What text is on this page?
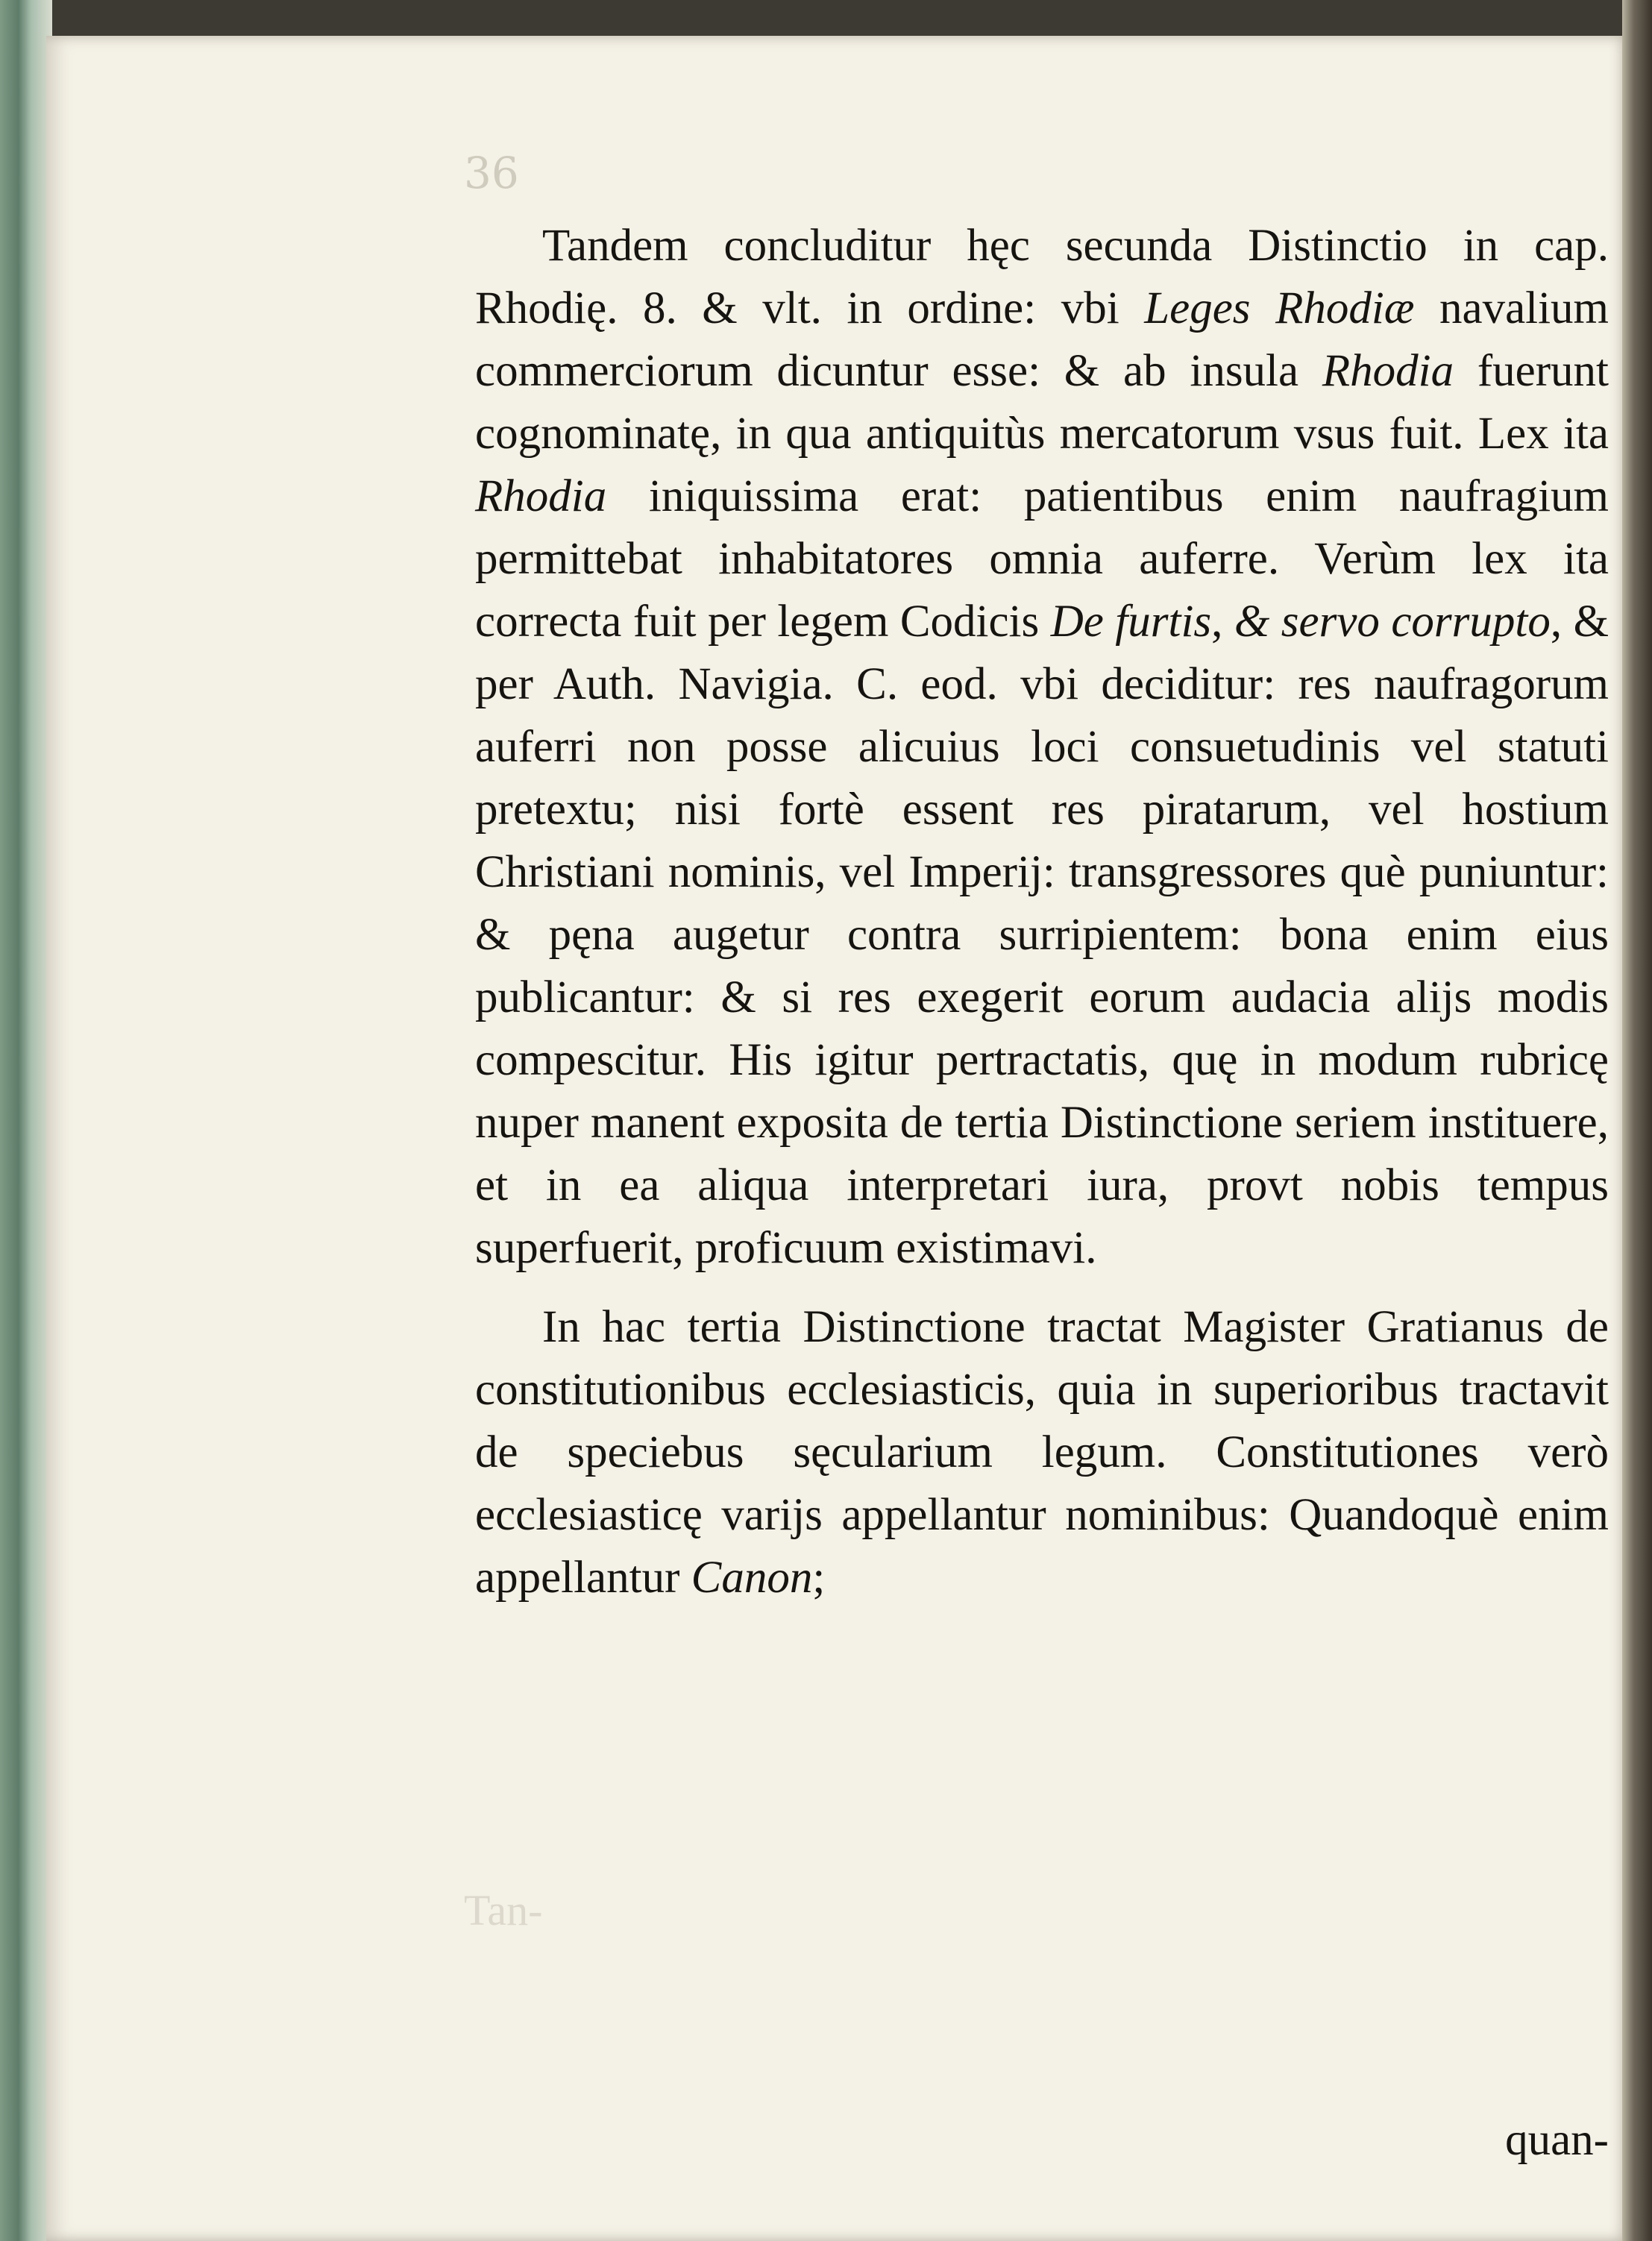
36

Tandem concluditur hęc secunda Distinctio in cap. Rhodię. 8. & vlt. in ordine: vbi Leges Rhodiæ navalium commerciorum dicuntur esse: & ab insula Rhodia fuerunt cognominatę, in qua antiquitùs mercatorum vsus fuit. Lex ita Rhodia iniquissima erat: patientibus enim naufragium permittebat inhabitatores omnia auferre. Verùm lex ita correcta fuit per legem Codicis De furtis, & servo corrupto, & per Auth. Navigia. C. eod. vbi deciditur: res naufragorum auferri non posse alicuius loci consuetudinis vel statuti pretextu; nisi fortè essent res piratarum, vel hostium Christiani nominis, vel Imperij: transgressores què puniuntur: & pęna augetur contra surripientem: bona enim eius publicantur: & si res exegerit eorum audacia alijs modis compescitur. His igitur pertractatis, quę in modum rubricę nuper manent exposita de tertia Distinctione seriem instituere, et in ea aliqua interpretari iura, provt nobis tempus superfuerit, proficuum existimavi.

In hac tertia Distinctione tractat Magister Gratianus de constitutionibus ecclesiasticis, quia in superioribus tractavit de speciebus sęcularium legum. Constitutiones verò ecclesiasticę varijs appellantur nominibus: Quandoquè enim appellantur Canon;

quan-
Tan-
